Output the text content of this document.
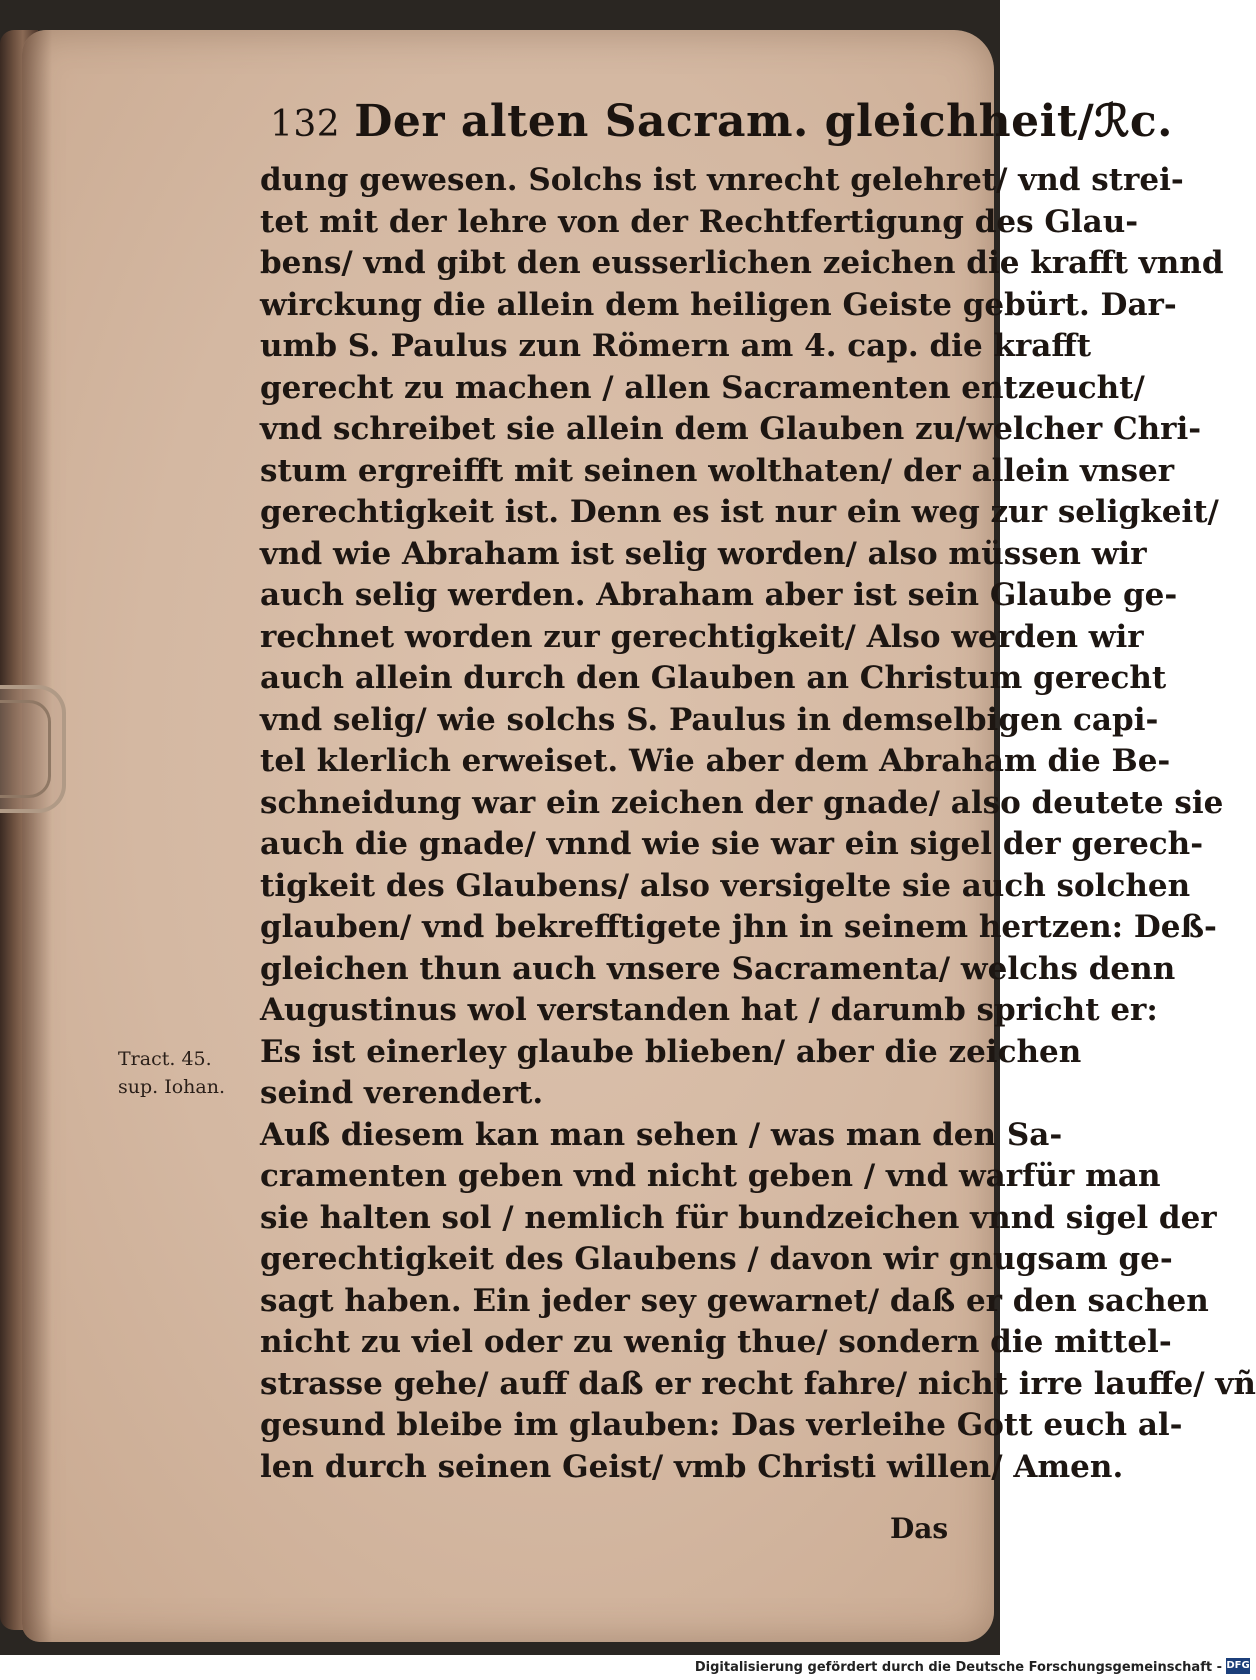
132 Der alten Sacram. gleichheit/ℛc.
dung gewesen. Solchs ist vnrecht gelehret/ vnd strei-
tet mit der lehre von der Rechtfertigung des Glau-
bens/ vnd gibt den eusserlichen zeichen die krafft vnnd
wirckung die allein dem heiligen Geiste gebürt. Dar-
umb S. Paulus zun Römern am 4. cap. die krafft
gerecht zu machen / allen Sacramenten entzeucht/
vnd schreibet sie allein dem Glauben zu/welcher Chri-
stum ergreifft mit seinen wolthaten/ der allein vnser
gerechtigkeit ist. Denn es ist nur ein weg zur seligkeit/
vnd wie Abraham ist selig worden/ also müssen wir
auch selig werden. Abraham aber ist sein Glaube ge-
rechnet worden zur gerechtigkeit/ Also werden wir
auch allein durch den Glauben an Christum gerecht
vnd selig/ wie solchs S. Paulus in demselbigen capi-
tel klerlich erweiset. Wie aber dem Abraham die Be-
schneidung war ein zeichen der gnade/ also deutete sie
auch die gnade/ vnnd wie sie war ein sigel der gerech-
tigkeit des Glaubens/ also versigelte sie auch solchen
glauben/ vnd bekrefftigete jhn in seinem hertzen: Deß-
gleichen thun auch vnsere Sacramenta/ welchs denn
Augustinus wol verstanden hat / darumb spricht er:
Es ist einerley glaube blieben/ aber die zeichen
seind verendert.
Auß diesem kan man sehen / was man den Sa-
cramenten geben vnd nicht geben / vnd warfür man
sie halten sol / nemlich für bundzeichen vnnd sigel der
gerechtigkeit des Glaubens / davon wir gnugsam ge-
sagt haben. Ein jeder sey gewarnet/ daß er den sachen
nicht zu viel oder zu wenig thue/ sondern die mittel-
strasse gehe/ auff daß er recht fahre/ nicht irre lauffe/ vñ
gesund bleibe im glauben: Das verleihe Gott euch al-
len durch seinen Geist/ vmb Christi willen/ Amen.
Tract. 45.
sup. Iohan.
Das
Digitalisierung gefördert durch die Deutsche Forschungsgemeinschaft - DFG
